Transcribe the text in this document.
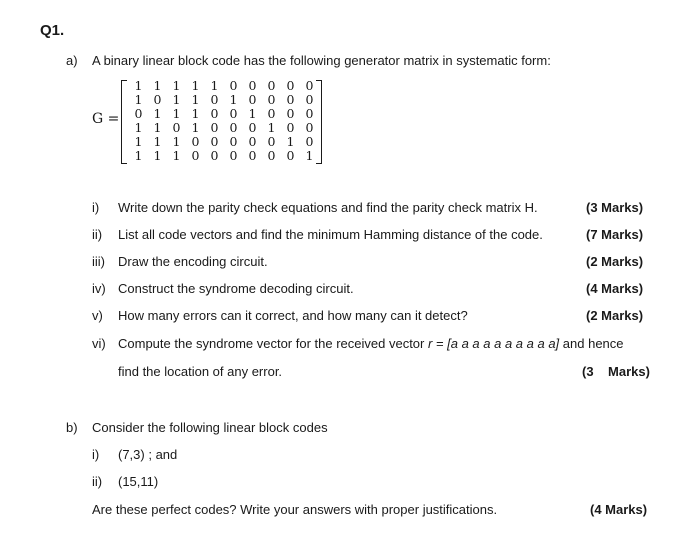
Q1.
a) A binary linear block code has the following generator matrix in systematic form:
G =
1 1 1 1 1 0 0 0 0 0
1 0 1 1 0 1 0 0 0 0
0 1 1 1 0 0 1 0 0 0
1 1 0 1 0 0 0 1 0 0
1 1 1 0 0 0 0 0 1 0
1 1 1 0 0 0 0 0 0 1
i) Write down the parity check equations and find the parity check matrix H.	(3 Marks)
ii) List all code vectors and find the minimum Hamming distance of the code.	(7 Marks)
iii) Draw the encoding circuit.	(2 Marks)
iv) Construct the syndrome decoding circuit.	(4 Marks)
v) How many errors can it correct, and how many can it detect?	(2 Marks)
vi) Compute the syndrome vector for the received vector r = [a a a a a a a a a a] and hence
find the location of any error.	(3    Marks)
b) Consider the following linear block codes
i) (7,3) ; and
ii) (15,11)
Are these perfect codes? Write your answers with proper justifications.	(4 Marks)
